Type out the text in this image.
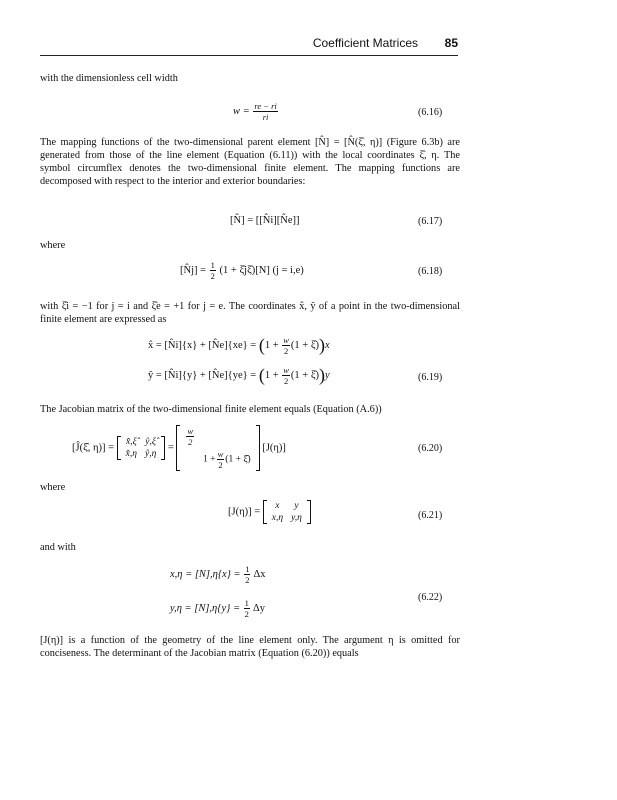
Coefficient Matrices 85
with the dimensionless cell width
$w = \frac{re - ri}{ri}$	(6.16)
The mapping functions of the two-dimensional parent element [N̂] = [N̂(ξ̂, η)] (Figure 6.3b) are generated from those of the line element (Equation (6.11)) with the local coordinates ξ̂, η. The symbol circumflex denotes the two-dimensional finite element. The mapping functions are decomposed with respect to the interior and exterior boundaries:
[N̂] = [[N̂i][N̂e]]	(6.17)
where
[N̂j] = $\frac{1}{2} (1$ + ξ̂jξ̂)[N] (j = i,e)	(6.18)
with ξ̂i = −1 for j = i and ξ̂e = +1 for j = e. The coordinates x̂, ŷ of a point in the two-dimensional finite element are expressed as
x̂ = [N̂i]{x} + [N̂e]{xe} = ($1 + \frac{w}{2} (1$ + ξ̂))x
ŷ = [N̂i]{y} + [N̂e]{ye} = ($1 + \frac{w}{2} (1$ + ξ̂))y	(6.19)
The Jacobian matrix of the two-dimensional finite element equals (Equation (A.6))
[Ĵ(ξ̂, η)] =
x̂,ξ̂	ŷ,ξ̂
x̂,η	ŷ,η
=
$\frac{w}{2}$

	$1 + \frac{w}{2} (1$ + ξ̂)
[J(η)]	(6.20)
where
[J(η)] =
x	y
x,η	y,η	(6.21)
and with
$x,\eta = [N],\eta\{x\} = \frac{1}{2}$ Δx
$y,\eta = [N],\eta\{y\} = \frac{1}{2}$ Δy
(6.22)
[J(η)] is a function of the geometry of the line element only. The argument η is omitted for conciseness. The determinant of the Jacobian matrix (Equation (6.20)) equals
